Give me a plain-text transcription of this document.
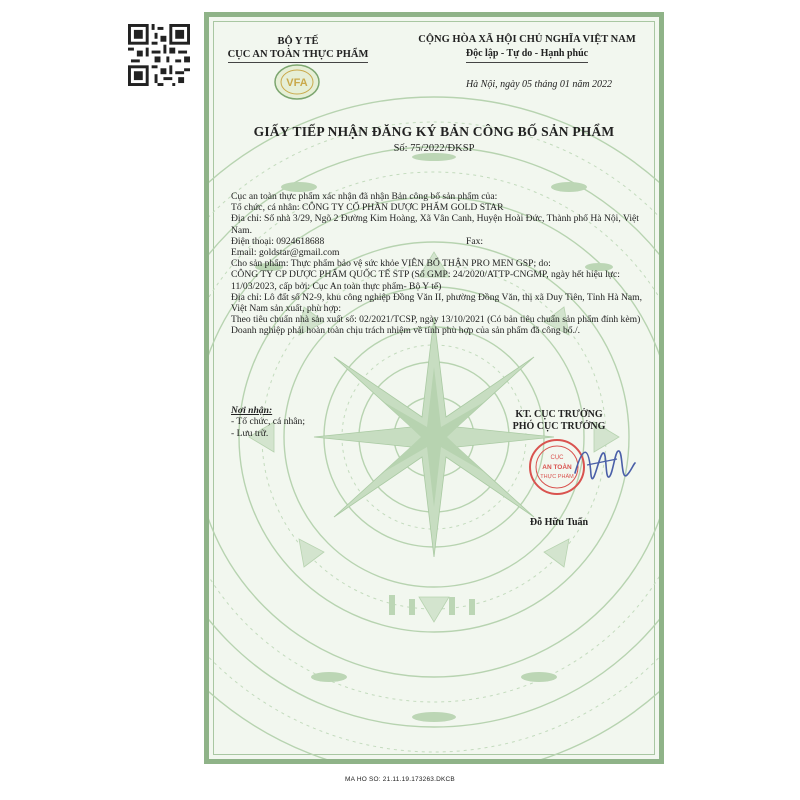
BỘ Y TẾ
CỤC AN TOÀN THỰC PHẨM
VFA
CỘNG HÒA XÃ HỘI CHỦ NGHĨA VIỆT NAM
Độc lập - Tự do - Hạnh phúc
Hà Nội, ngày 05 tháng 01 năm 2022
GIẤY TIẾP NHẬN ĐĂNG KÝ BẢN CÔNG BỐ SẢN PHẨM
Số: 75/2022/ĐKSP

Cục an toàn thực phẩm xác nhận đã nhận Bản công bố sản phẩm của:

Tổ chức, cá nhân: CÔNG TY CỔ PHẦN DƯỢC PHẨM GOLD STAR

Địa chỉ: Số nhà 3/29, Ngõ 2 Đường Kim Hoàng, Xã Vân Canh, Huyện Hoài Đức, Thành phố Hà Nội, Việt Nam.

Điện thoại: 0924618688	Fax:

Email: goldstar@gmail.com

Cho sản phẩm: Thực phẩm bảo vệ sức khỏe VIÊN BỔ THẬN PRO MEN GSP; do:

CÔNG TY CP DƯỢC PHẨM QUỐC TẾ STP (Số GMP: 24/2020/ATTP-CNGMP, ngày hết hiệu lực: 11/03/2023, cấp bởi: Cục An toàn thực phẩm- Bộ Y tế)

Địa chỉ: Lô đất số N2-9, khu công nghiệp Đồng Văn II, phường Đồng Văn, thị xã Duy Tiên, Tỉnh Hà Nam, Việt Nam sản xuất, phù hợp:

Theo tiêu chuẩn nhà sản xuất số: 02/2021/TCSP, ngày 13/10/2021 (Có bản tiêu chuẩn sản phẩm đính kèm)

Doanh nghiệp phải hoàn toàn chịu trách nhiệm về tính phù hợp của sản phẩm đã công bố./.

Nơi nhận:
- Tổ chức, cá nhân;
- Lưu trữ.
KT. CỤC TRƯỞNG
PHÓ CỤC TRƯỞNG
CỤC
AN TOÀN
THỰC PHẨM
Đỗ Hữu Tuấn
MA HO SO: 21.11.19.173263.DKCB
